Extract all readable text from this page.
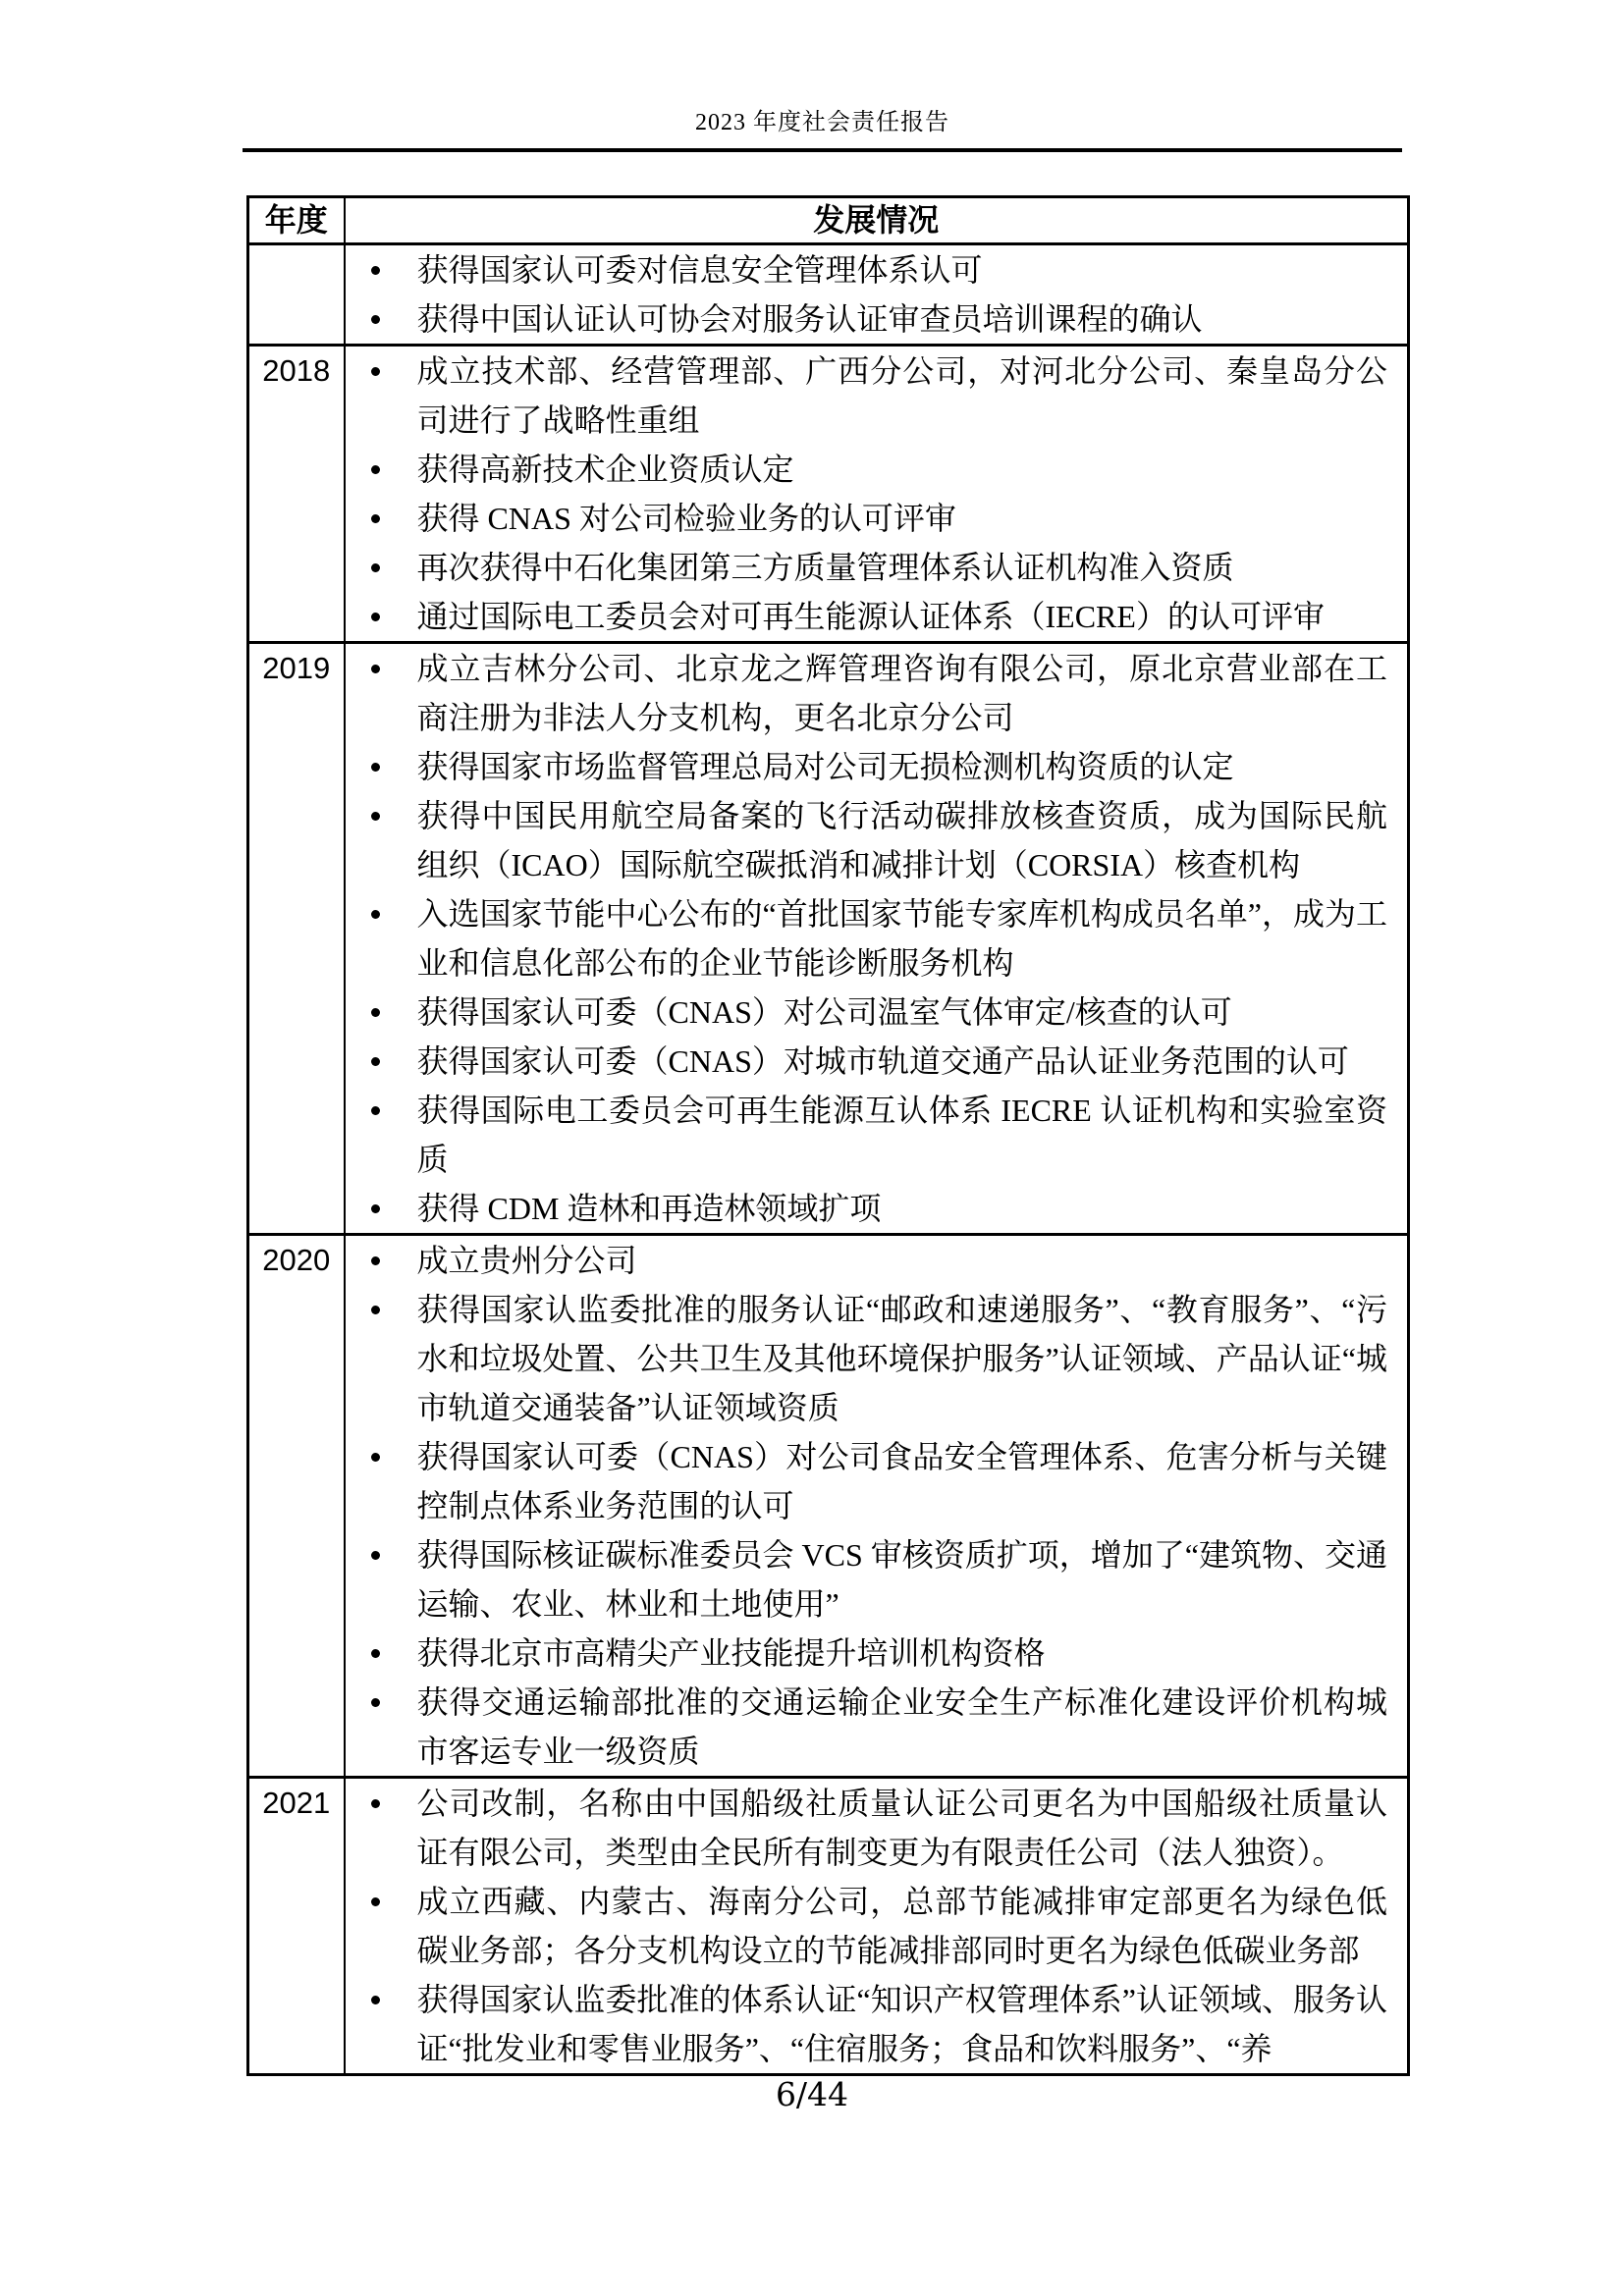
2023 年度社会责任报告
年度	发展情况

	获得国家认可委对信息安全管理体系认可
获得中国认证认可协会对服务认证审查员培训课程的确认

2018	成立技术部、经营管理部、广西分公司，对河北分公司、秦皇岛分公司进行了战略性重组
获得高新技术企业资质认定
获得 CNAS 对公司检验业务的认可评审
再次获得中石化集团第三方质量管理体系认证机构准入资质
通过国际电工委员会对可再生能源认证体系（IECRE）的认可评审

2019	成立吉林分公司、北京龙之辉管理咨询有限公司，原北京营业部在工商注册为非法人分支机构，更名北京分公司
获得国家市场监督管理总局对公司无损检测机构资质的认定
获得中国民用航空局备案的飞行活动碳排放核查资质，成为国际民航组织（ICAO）国际航空碳抵消和减排计划（CORSIA）核查机构
入选国家节能中心公布的“首批国家节能专家库机构成员名单”，成为工业和信息化部公布的企业节能诊断服务机构
获得国家认可委（CNAS）对公司温室气体审定/核查的认可
获得国家认可委（CNAS）对城市轨道交通产品认证业务范围的认可
获得国际电工委员会可再生能源互认体系 IECRE 认证机构和实验室资质
获得 CDM 造林和再造林领域扩项

2020	成立贵州分公司
获得国家认监委批准的服务认证“邮政和速递服务”、“教育服务”、“污水和垃圾处置、公共卫生及其他环境保护服务”认证领域、产品认证“城市轨道交通装备”认证领域资质
获得国家认可委（CNAS）对公司食品安全管理体系、危害分析与关键控制点体系业务范围的认可
获得国际核证碳标准委员会 VCS 审核资质扩项，增加了“建筑物、交通运输、农业、林业和土地使用”
获得北京市高精尖产业技能提升培训机构资格
获得交通运输部批准的交通运输企业安全生产标准化建设评价机构城市客运专业一级资质

2021	公司改制，名称由中国船级社质量认证公司更名为中国船级社质量认证有限公司，类型由全民所有制变更为有限责任公司（法人独资）。
成立西藏、内蒙古、海南分公司，总部节能减排审定部更名为绿色低碳业务部；各分支机构设立的节能减排部同时更名为绿色低碳业务部
获得国家认监委批准的体系认证“知识产权管理体系”认证领域、服务认证“批发业和零售业服务”、“住宿服务；食品和饮料服务”、“养
6/44
